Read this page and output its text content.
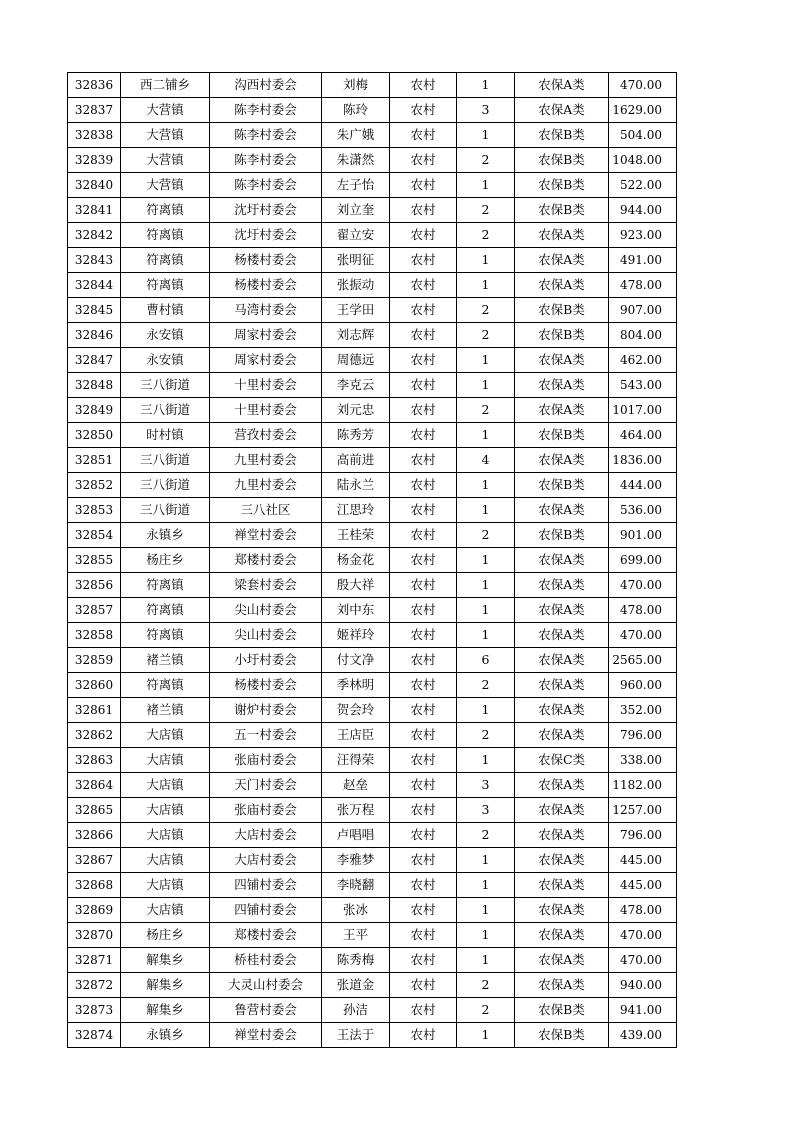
32836	西二铺乡	沟西村委会	刘梅	农村	1	农保A类	470.00
32837	大营镇	陈李村委会	陈玲	农村	3	农保A类	1629.00
32838	大营镇	陈李村委会	朱广娥	农村	1	农保B类	504.00
32839	大营镇	陈李村委会	朱潇然	农村	2	农保B类	1048.00
32840	大营镇	陈李村委会	左子怡	农村	1	农保B类	522.00
32841	符离镇	沈圩村委会	刘立奎	农村	2	农保B类	944.00
32842	符离镇	沈圩村委会	翟立安	农村	2	农保A类	923.00
32843	符离镇	杨楼村委会	张明征	农村	1	农保A类	491.00
32844	符离镇	杨楼村委会	张振动	农村	1	农保A类	478.00
32845	曹村镇	马湾村委会	王学田	农村	2	农保B类	907.00
32846	永安镇	周家村委会	刘志辉	农村	2	农保B类	804.00
32847	永安镇	周家村委会	周德远	农村	1	农保A类	462.00
32848	三八街道	十里村委会	李克云	农村	1	农保A类	543.00
32849	三八街道	十里村委会	刘元忠	农村	2	农保A类	1017.00
32850	时村镇	营孜村委会	陈秀芳	农村	1	农保B类	464.00
32851	三八街道	九里村委会	高前进	农村	4	农保A类	1836.00
32852	三八街道	九里村委会	陆永兰	农村	1	农保B类	444.00
32853	三八街道	三八社区	江思玲	农村	1	农保A类	536.00
32854	永镇乡	禅堂村委会	王桂荣	农村	2	农保B类	901.00
32855	杨庄乡	郑楼村委会	杨金花	农村	1	农保A类	699.00
32856	符离镇	梁套村委会	殷大祥	农村	1	农保A类	470.00
32857	符离镇	尖山村委会	刘中东	农村	1	农保A类	478.00
32858	符离镇	尖山村委会	姬祥玲	农村	1	农保A类	470.00
32859	褚兰镇	小圩村委会	付文净	农村	6	农保A类	2565.00
32860	符离镇	杨楼村委会	季林明	农村	2	农保A类	960.00
32861	褚兰镇	谢炉村委会	贺会玲	农村	1	农保A类	352.00
32862	大店镇	五一村委会	王店臣	农村	2	农保A类	796.00
32863	大店镇	张庙村委会	汪得荣	农村	1	农保C类	338.00
32864	大店镇	天门村委会	赵垒	农村	3	农保A类	1182.00
32865	大店镇	张庙村委会	张万程	农村	3	农保A类	1257.00
32866	大店镇	大店村委会	卢唱唱	农村	2	农保A类	796.00
32867	大店镇	大店村委会	李雅梦	农村	1	农保A类	445.00
32868	大店镇	四铺村委会	李晓翻	农村	1	农保A类	445.00
32869	大店镇	四铺村委会	张冰	农村	1	农保A类	478.00
32870	杨庄乡	郑楼村委会	王平	农村	1	农保A类	470.00
32871	解集乡	桥桂村委会	陈秀梅	农村	1	农保A类	470.00
32872	解集乡	大灵山村委会	张道金	农村	2	农保A类	940.00
32873	解集乡	鲁营村委会	孙洁	农村	2	农保B类	941.00
32874	永镇乡	禅堂村委会	王法于	农村	1	农保B类	439.00
